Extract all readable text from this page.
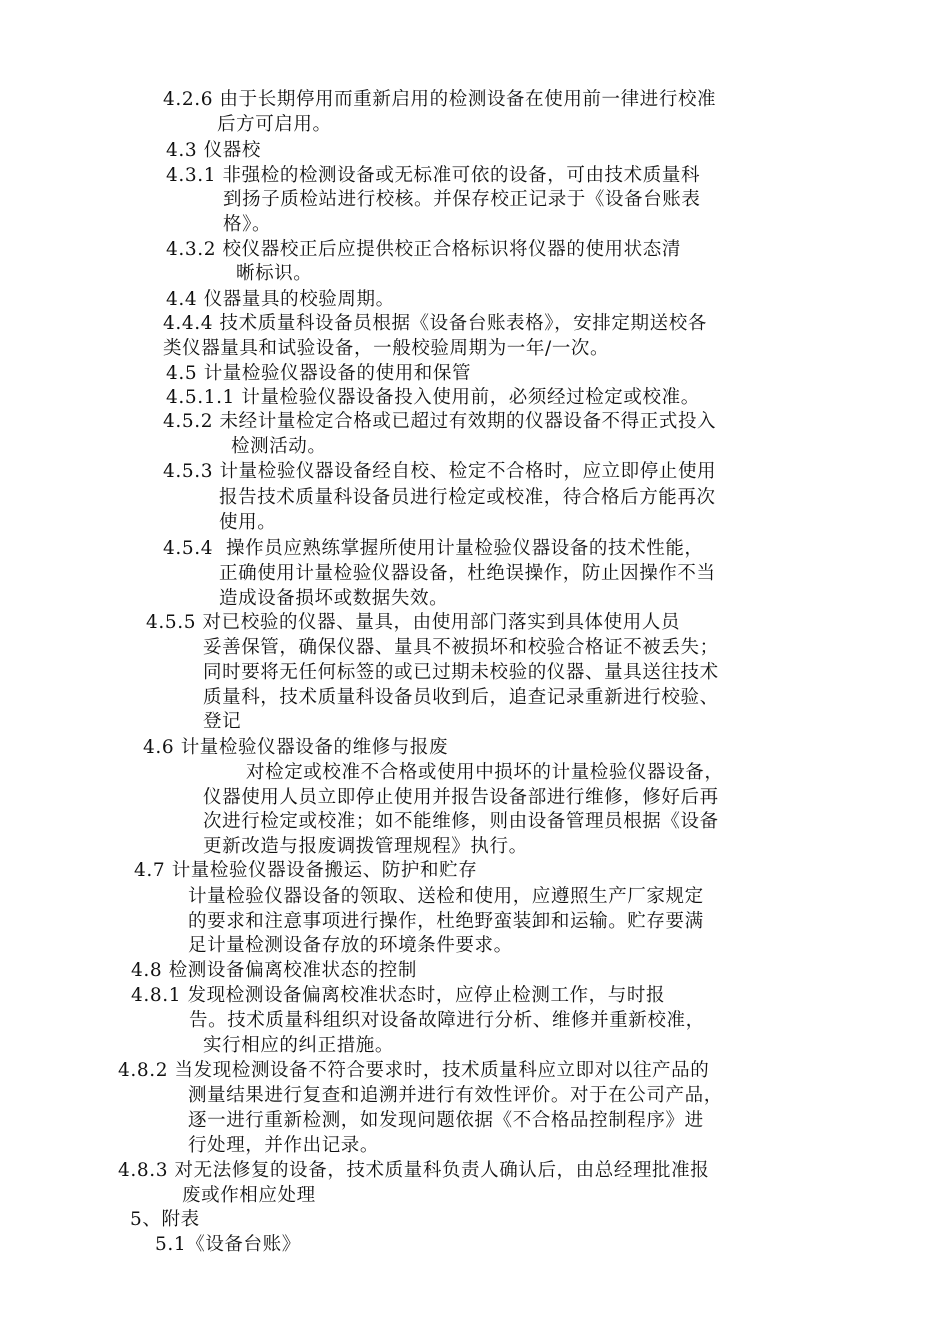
4.2.6 由于长期停用而重新启用的检测设备在使用前一律进行校准
后方可启用。
4.3 仪器校
4.3.1 非强检的检测设备或无标准可依的设备，可由技术质量科
到扬子质检站进行校核。并保存校正记录于《设备台账表
格》。
4.3.2 校仪器校正后应提供校正合格标识将仪器的使用状态清
晰标识。
4.4 仪器量具的校验周期。
4.4.4 技术质量科设备员根据《设备台账表格》，安排定期送校各
类仪器量具和试验设备，一般校验周期为一年/一次。
4.5 计量检验仪器设备的使用和保管
4.5.1.1 计量检验仪器设备投入使用前，必须经过检定或校准。
4.5.2 未经计量检定合格或已超过有效期的仪器设备不得正式投入
检测活动。
4.5.3 计量检验仪器设备经自校、检定不合格时，应立即停止使用
报告技术质量科设备员进行检定或校准，待合格后方能再次
使用。
4.5.4  操作员应熟练掌握所使用计量检验仪器设备的技术性能，
正确使用计量检验仪器设备，杜绝误操作，防止因操作不当
造成设备损坏或数据失效。
4.5.5 对已校验的仪器、量具，由使用部门落实到具体使用人员
妥善保管，确保仪器、量具不被损坏和校验合格证不被丢失；
同时要将无任何标签的或已过期未校验的仪器、量具送往技术
质量科，技术质量科设备员收到后，追查记录重新进行校验、
登记
4.6 计量检验仪器设备的维修与报废
对检定或校准不合格或使用中损坏的计量检验仪器设备，
仪器使用人员立即停止使用并报告设备部进行维修，修好后再
次进行检定或校准；如不能维修，则由设备管理员根据《设备
更新改造与报废调拨管理规程》执行。
4.7 计量检验仪器设备搬运、防护和贮存
计量检验仪器设备的领取、送检和使用，应遵照生产厂家规定
的要求和注意事项进行操作，杜绝野蛮装卸和运输。贮存要满
足计量检测设备存放的环境条件要求。
4.8 检测设备偏离校准状态的控制
4.8.1 发现检测设备偏离校准状态时，应停止检测工作，与时报
告。技术质量科组织对设备故障进行分析、维修并重新校准，
实行相应的纠正措施。
4.8.2 当发现检测设备不符合要求时，技术质量科应立即对以往产品的
测量结果进行复查和追溯并进行有效性评价。对于在公司产品，
逐一进行重新检测，如发现问题依据《不合格品控制程序》进
行处理，并作出记录。
4.8.3 对无法修复的设备，技术质量科负责人确认后，由总经理批准报
废或作相应处理
5、附表
5.1《设备台账》
